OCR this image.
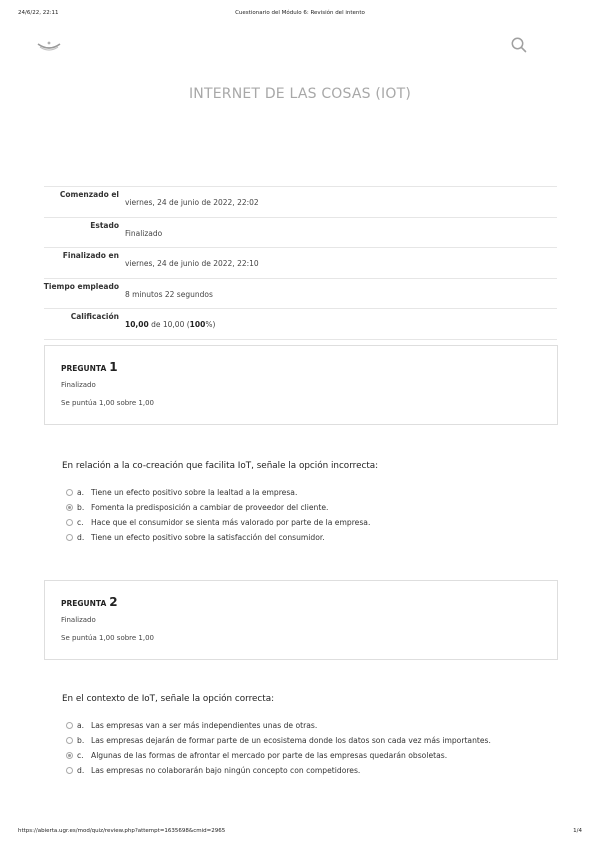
24/6/22, 22:11	Cuestionario del Módulo 6: Revisión del intento
INTERNET DE LAS COSAS (IOT)
Comenzado el
viernes, 24 de junio de 2022, 22:02
Estado
Finalizado
Finalizado en
viernes, 24 de junio de 2022, 22:10
Tiempo empleado
8 minutos 22 segundos
Calificación
10,00 de 10,00 (100%)
PREGUNTA 1
Finalizado
Se puntúa 1,00 sobre 1,00
En relación a la co-creación que facilita IoT, señale la opción incorrecta:
a. Tiene un efecto positivo sobre la lealtad a la empresa.
b. Fomenta la predisposición a cambiar de proveedor del cliente.
c. Hace que el consumidor se sienta más valorado por parte de la empresa.
d. Tiene un efecto positivo sobre la satisfacción del consumidor.
PREGUNTA 2
Finalizado
Se puntúa 1,00 sobre 1,00
En el contexto de IoT, señale la opción correcta:
a. Las empresas van a ser más independientes unas de otras.
b. Las empresas dejarán de formar parte de un ecosistema donde los datos son cada vez más importantes.
c. Algunas de las formas de afrontar el mercado por parte de las empresas quedarán obsoletas.
d. Las empresas no colaborarán bajo ningún concepto con competidores.
https://abierta.ugr.es/mod/quiz/review.php?attempt=1635698&cmid=2965	1/4
